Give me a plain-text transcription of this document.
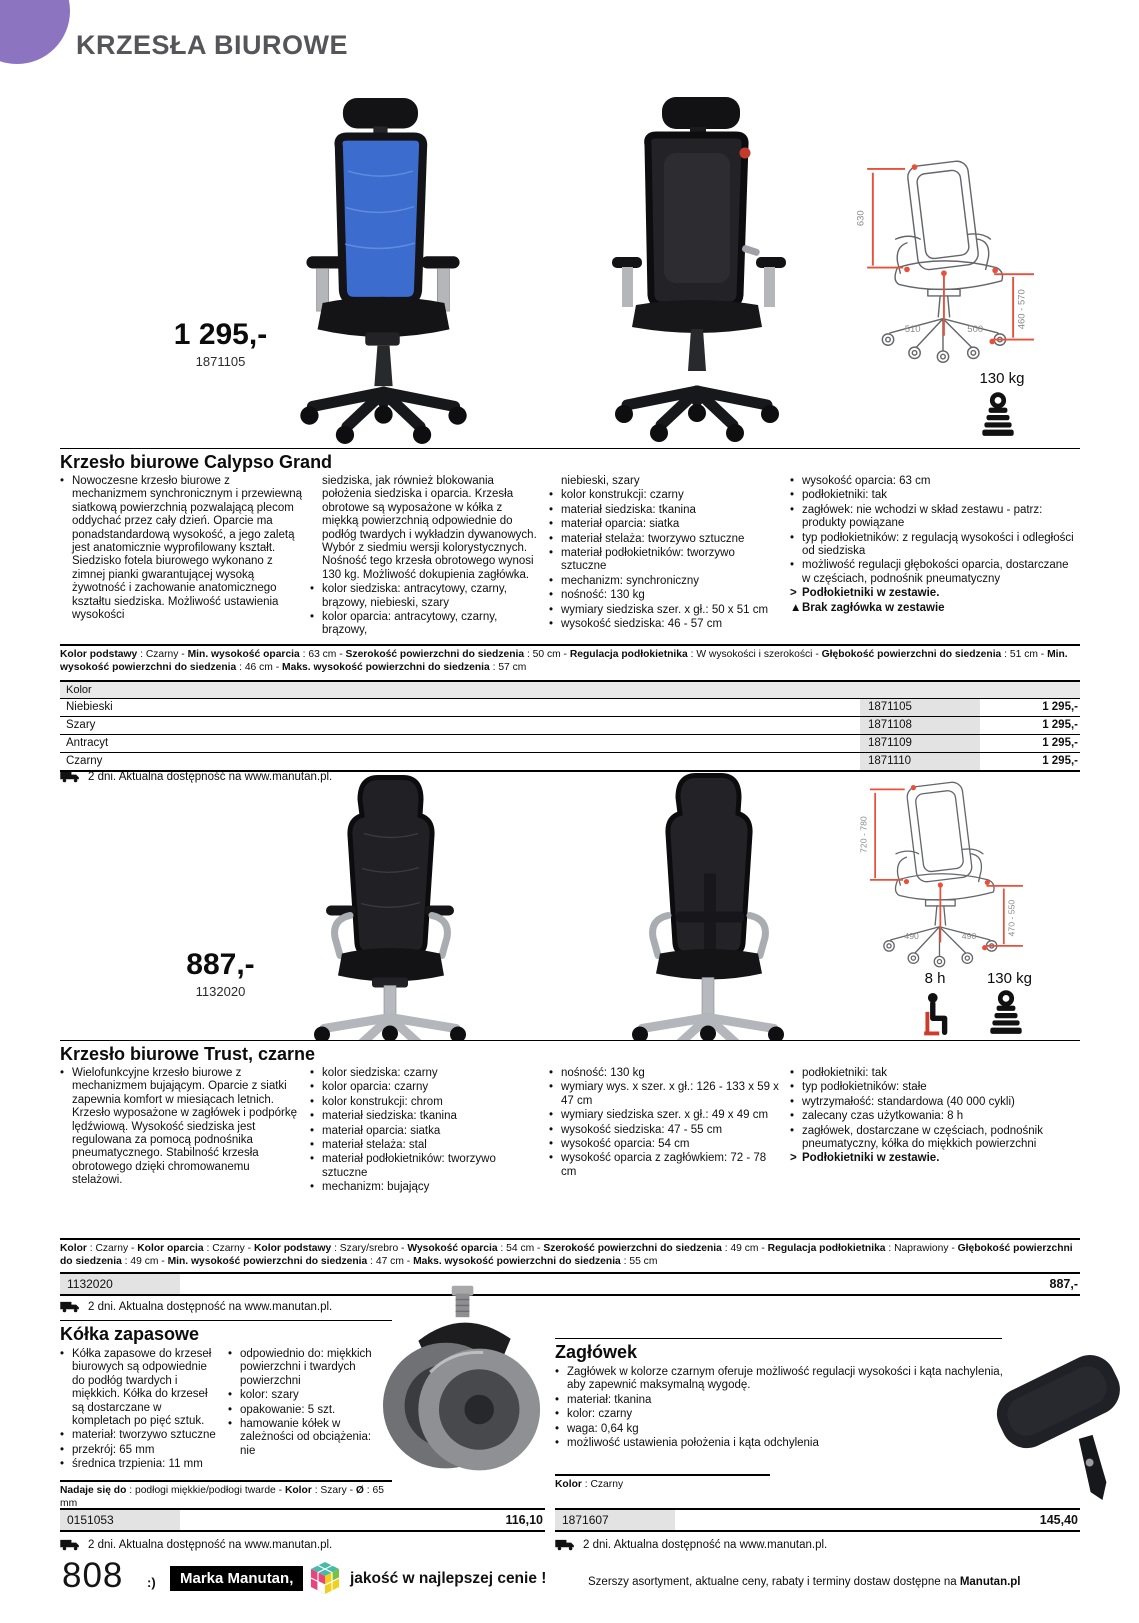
KRZESŁA BIUROWE
1 295,-
1871105
630
510	500
460 - 570
130 kg
Krzesło biurowe Calypso Grand
• Nowoczesne krzesło biurowe z mechanizmem synchronicznym i przewiewną siatkową powierzchnią pozwalającą plecom oddychać przez cały dzień. Oparcie ma ponadstandardową wysokość, a jego zaletą jest anatomicznie wyprofilowany kształt. Siedzisko fotela biurowego wykonano z zimnej pianki gwarantującej wysoką żywotność i zachowanie anatomicznego kształtu siedziska. Możliwość ustawienia wysokości
siedziska, jak również blokowania położenia siedziska i oparcia. Krzesła obrotowe są wyposażone w kółka z miękką powierzchnią odpowiednie do podłóg twardych i wykładzin dywanowych. Wybór z siedmiu wersji kolorystycznych. Nośność tego krzesła obrotowego wynosi 130 kg. Możliwość dokupienia zagłówka.
• kolor siedziska: antracytowy, czarny, brązowy, niebieski, szary
• kolor oparcia: antracytowy, czarny, brązowy,
niebieski, szary
• kolor konstrukcji: czarny
• materiał siedziska: tkanina
• materiał oparcia: siatka
• materiał stelaża: tworzywo sztuczne
• materiał podłokietników: tworzywo sztuczne
• mechanizm: synchroniczny
• nośność: 130 kg
• wymiary siedziska szer. x gł.: 50 x 51 cm
• wysokość siedziska: 46 - 57 cm
• wysokość oparcia: 63 cm
• podłokietniki: tak
• zagłówek: nie wchodzi w skład zestawu - patrz: produkty powiązane
• typ podłokietników: z regulacją wysokości i odległości od siedziska
• możliwość regulacji głębokości oparcia, dostarczane w częściach, podnośnik pneumatyczny
> Podłokietniki w zestawie.
▲ Brak zagłówka w zestawie
Kolor podstawy : Czarny - Min. wysokość oparcia : 63 cm - Szerokość powierzchni do siedzenia : 50 cm - Regulacja podłokietnika : W wysokości i szerokości - Głębokość powierzchni do siedzenia : 51 cm - Min. wysokość powierzchni do siedzenia : 46 cm - Maks. wysokość powierzchni do siedzenia : 57 cm
Kolor
Niebieski	1871105	1 295,-
Szary	1871108	1 295,-
Antracyt	1871109	1 295,-
Czarny	1871110	1 295,-
2 dni. Aktualna dostępność na www.manutan.pl.
887,-
1132020
720 - 780
490	490	470 - 550
8 h	130 kg
Krzesło biurowe Trust, czarne
• Wielofunkcyjne krzesło biurowe z mechanizmem bujającym. Oparcie z siatki zapewnia komfort w miesiącach letnich. Krzesło wyposażone w zagłówek i podpórkę lędźwiową. Wysokość siedziska jest regulowana za pomocą podnośnika pneumatycznego. Stabilność krzesła obrotowego dzięki chromowanemu stelażowi.
• kolor siedziska: czarny
• kolor oparcia: czarny
• kolor konstrukcji: chrom
• materiał siedziska: tkanina
• materiał oparcia: siatka
• materiał stelaża: stal
• materiał podłokietników: tworzywo sztuczne
• mechanizm: bujający
• nośność: 130 kg
• wymiary wys. x szer. x gł.: 126 - 133 x 59 x 47 cm
• wymiary siedziska szer. x gł.: 49 x 49 cm
• wysokość siedziska: 47 - 55 cm
• wysokość oparcia: 54 cm
• wysokość oparcia z zagłówkiem: 72 - 78 cm
• podłokietniki: tak
• typ podłokietników: stałe
• wytrzymałość: standardowa (40 000 cykli)
• zalecany czas użytkowania: 8 h
• zagłówek, dostarczane w częściach, podnośnik pneumatyczny, kółka do miękkich powierzchni
> Podłokietniki w zestawie.
Kolor : Czarny - Kolor oparcia : Czarny - Kolor podstawy : Szary/srebro - Wysokość oparcia : 54 cm - Szerokość powierzchni do siedzenia : 49 cm - Regulacja podłokietnika : Naprawiony - Głębokość powierzchni do siedzenia : 49 cm - Min. wysokość powierzchni do siedzenia : 47 cm - Maks. wysokość powierzchni do siedzenia : 55 cm
1132020	887,-
2 dni. Aktualna dostępność na www.manutan.pl.
Kółka zapasowe
• Kółka zapasowe do krzeseł biurowych są odpowiednie do podłóg twardych i miękkich. Kółka do krzeseł są dostarczane w kompletach po pięć sztuk.
• materiał: tworzywo sztuczne
• przekrój: 65 mm
• średnica trzpienia: 11 mm
• odpowiednio do: miękkich powierzchni i twardych powierzchni
• kolor: szary
• opakowanie: 5 szt.
• hamowanie kółek w zależności od obciążenia: nie
Nadaje się do : podłogi miękkie/podłogi twarde - Kolor : Szary - Ø : 65 mm
0151053	116,10
2 dni. Aktualna dostępność na www.manutan.pl.
Zagłówek
• Zagłówek w kolorze czarnym oferuje możliwość regulacji wysokości i kąta nachylenia, aby zapewnić maksymalną wygodę.
• materiał: tkanina
• kolor: czarny
• waga: 0,64 kg
• możliwość ustawienia położenia i kąta odchylenia
Kolor : Czarny
1871607	145,40
2 dni. Aktualna dostępność na www.manutan.pl.
808 :)	Marka Manutan,	jakość w najlepszej cenie !	Szerszy asortyment, aktualne ceny, rabaty i terminy dostaw dostępne na Manutan.pl
